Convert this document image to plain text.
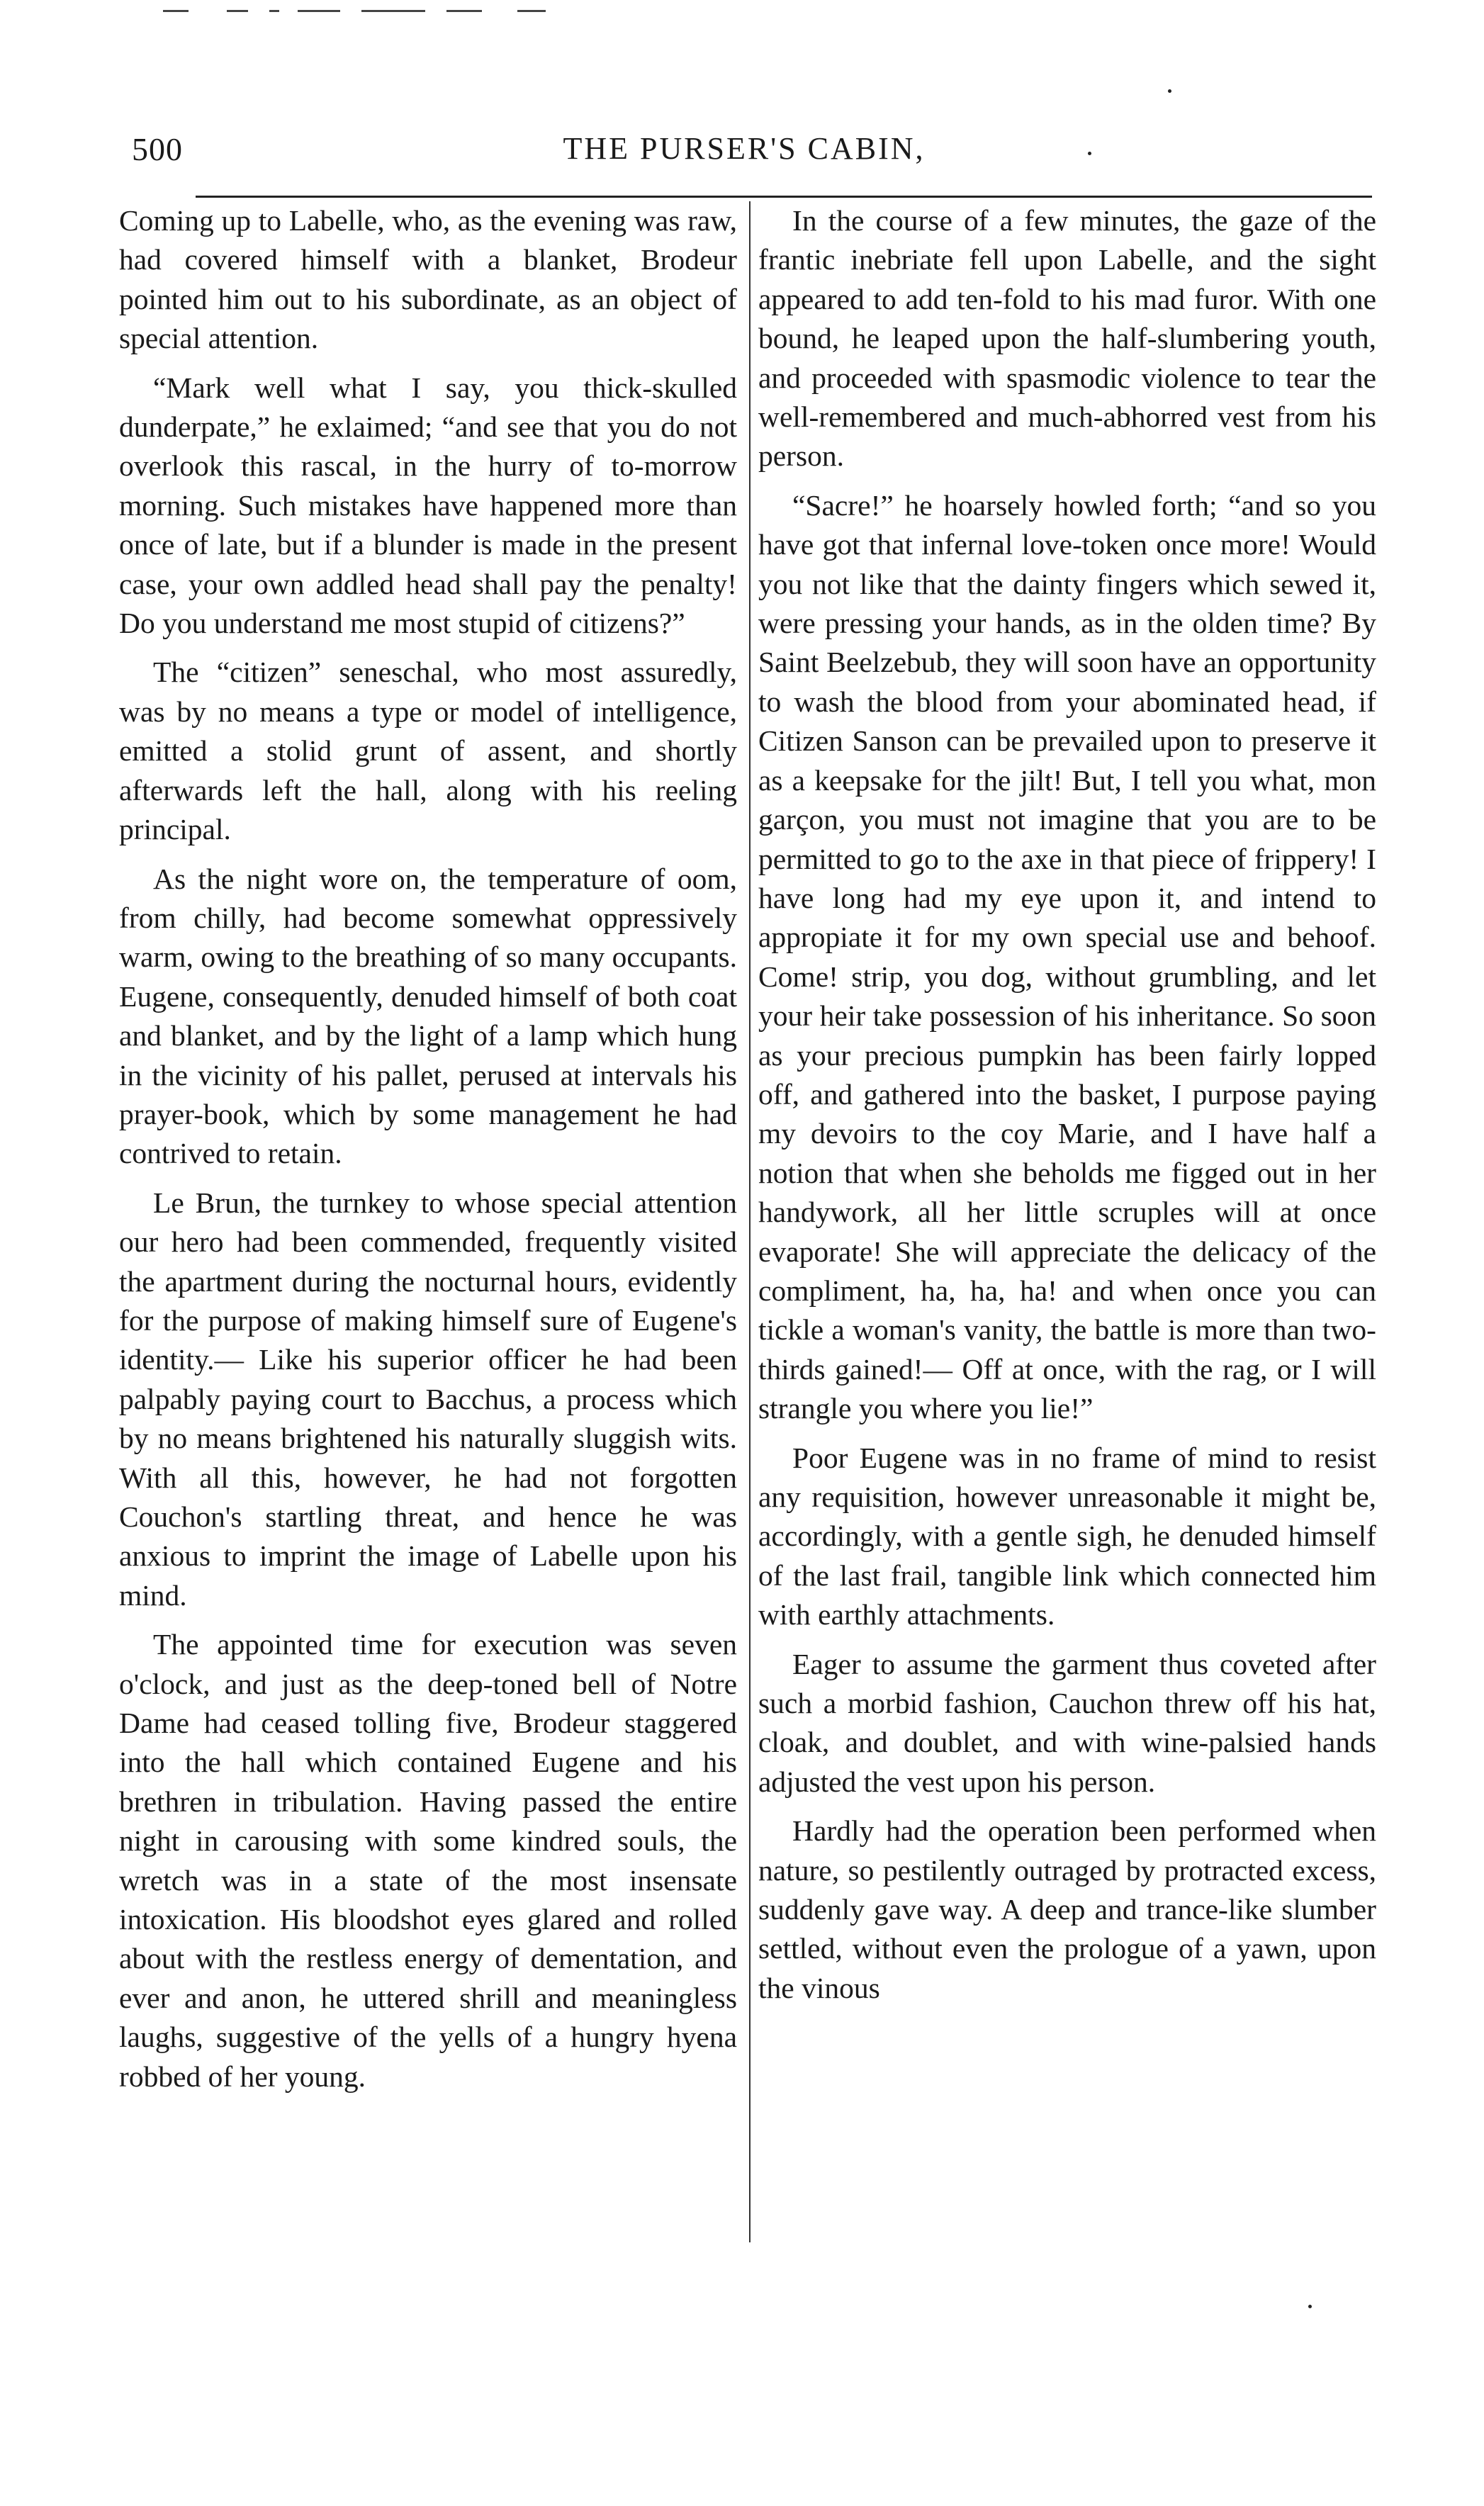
500	THE PURSER'S CABIN,

Coming up to Labelle, who, as the evening was raw, had covered himself with a blanket, Brodeur pointed him out to his subordinate, as an object of special attention.

“Mark well what I say, you thick-skulled dunderpate,” he exlaimed; “and see that you do not overlook this rascal, in the hurry of to-morrow morning. Such mistakes have happened more than once of late, but if a blunder is made in the present case, your own addled head shall pay the penalty! Do you understand me most stupid of citizens?”

The “citizen” seneschal, who most assuredly, was by no means a type or model of intelligence, emitted a stolid grunt of assent, and shortly afterwards left the hall, along with his reeling principal.

As the night wore on, the temperature of oom, from chilly, had become somewhat oppressively warm, owing to the breathing of so many occupants. Eugene, consequently, denuded himself of both coat and blanket, and by the light of a lamp which hung in the vicinity of his pallet, perused at intervals his prayer-book, which by some management he had contrived to retain.

Le Brun, the turnkey to whose special attention our hero had been commended, frequently visited the apartment during the nocturnal hours, evidently for the purpose of making himself sure of Eugene's identity.— Like his superior officer he had been palpably paying court to Bacchus, a process which by no means brightened his naturally sluggish wits. With all this, however, he had not forgotten Couchon's startling threat, and hence he was anxious to imprint the image of Labelle upon his mind.

The appointed time for execution was seven o'clock, and just as the deep-toned bell of Notre Dame had ceased tolling five, Brodeur staggered into the hall which contained Eugene and his brethren in tribulation. Having passed the entire night in carousing with some kindred souls, the wretch was in a state of the most insensate intoxication. His bloodshot eyes glared and rolled about with the restless energy of dementation, and ever and anon, he uttered shrill and meaningless laughs, suggestive of the yells of a hungry hyena robbed of her young.

In the course of a few minutes, the gaze of the frantic inebriate fell upon Labelle, and the sight appeared to add ten-fold to his mad furor. With one bound, he leaped upon the half-slumbering youth, and proceeded with spasmodic violence to tear the well-remembered and much-abhorred vest from his person.

“Sacre!” he hoarsely howled forth; “and so you have got that infernal love-token once more! Would you not like that the dainty fingers which sewed it, were pressing your hands, as in the olden time? By Saint Beelzebub, they will soon have an opportunity to wash the blood from your abominated head, if Citizen Sanson can be prevailed upon to preserve it as a keepsake for the jilt! But, I tell you what, mon garçon, you must not imagine that you are to be permitted to go to the axe in that piece of frippery! I have long had my eye upon it, and intend to appropiate it for my own special use and behoof. Come! strip, you dog, without grumbling, and let your heir take possession of his inheritance. So soon as your precious pumpkin has been fairly lopped off, and gathered into the basket, I purpose paying my devoirs to the coy Marie, and I have half a notion that when she beholds me figged out in her handywork, all her little scruples will at once evaporate! She will appreciate the delicacy of the compliment, ha, ha, ha! and when once you can tickle a woman's vanity, the battle is more than two-thirds gained!— Off at once, with the rag, or I will strangle you where you lie!”

Poor Eugene was in no frame of mind to resist any requisition, however unreasonable it might be, accordingly, with a gentle sigh, he denuded himself of the last frail, tangible link which connected him with earthly attachments.

Eager to assume the garment thus coveted after such a morbid fashion, Cauchon threw off his hat, cloak, and doublet, and with wine-palsied hands adjusted the vest upon his person.

Hardly had the operation been performed when nature, so pestilently outraged by protracted excess, suddenly gave way. A deep and trance-like slumber settled, without even the prologue of a yawn, upon the vinous
